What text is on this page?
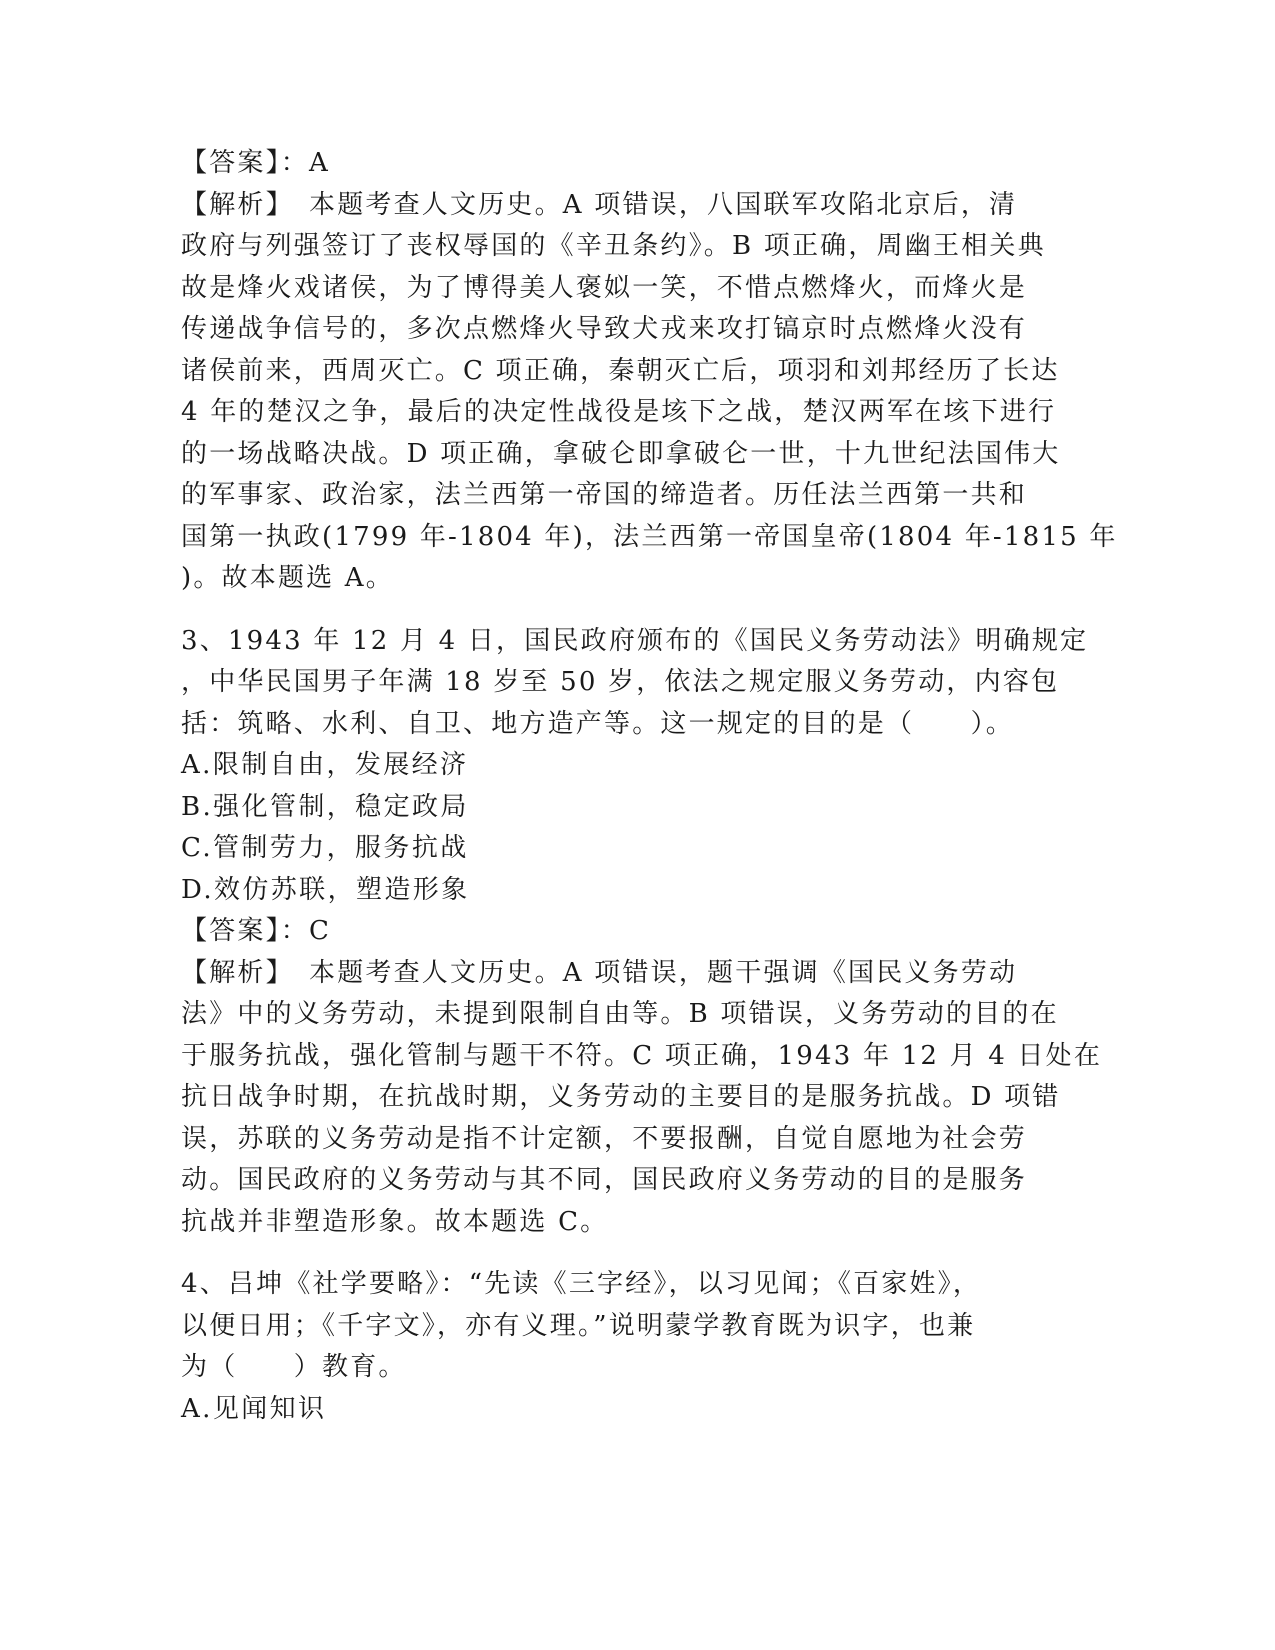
【答案】：A
【解析】　本题考查人文历史。A 项错误，八国联军攻陷北京后，清
政府与列强签订了丧权辱国的《辛丑条约》。B 项正确，周幽王相关典
故是烽火戏诸侯，为了博得美人褒姒一笑，不惜点燃烽火，而烽火是
传递战争信号的，多次点燃烽火导致犬戎来攻打镐京时点燃烽火没有
诸侯前来，西周灭亡。C 项正确，秦朝灭亡后，项羽和刘邦经历了长达
4 年的楚汉之争，最后的决定性战役是垓下之战，楚汉两军在垓下进行
的一场战略决战。D 项正确，拿破仑即拿破仑一世，十九世纪法国伟大
的军事家、政治家，法兰西第一帝国的缔造者。历任法兰西第一共和
国第一执政(1799 年-1804 年)，法兰西第一帝国皇帝(1804 年-1815 年
)。故本题选 A。
3、1943 年 12 月 4 日，国民政府颁布的《国民义务劳动法》明确规定
，中华民国男子年满 18 岁至 50 岁，依法之规定服义务劳动，内容包
括：筑略、水利、自卫、地方造产等。这一规定的目的是（　　）。
A.限制自由，发展经济
B.强化管制，稳定政局
C.管制劳力，服务抗战
D.效仿苏联，塑造形象
【答案】：C
【解析】　本题考查人文历史。A 项错误，题干强调《国民义务劳动
法》中的义务劳动，未提到限制自由等。B 项错误，义务劳动的目的在
于服务抗战，强化管制与题干不符。C 项正确，1943 年 12 月 4 日处在
抗日战争时期，在抗战时期，义务劳动的主要目的是服务抗战。D 项错
误，苏联的义务劳动是指不计定额，不要报酬，自觉自愿地为社会劳
动。国民政府的义务劳动与其不同，国民政府义务劳动的目的是服务
抗战并非塑造形象。故本题选 C。
4、吕坤《社学要略》：“先读《三字经》，以习见闻；《百家姓》，
以便日用；《千字文》，亦有义理。”说明蒙学教育既为识字，也兼
为（　　）教育。
A.见闻知识
